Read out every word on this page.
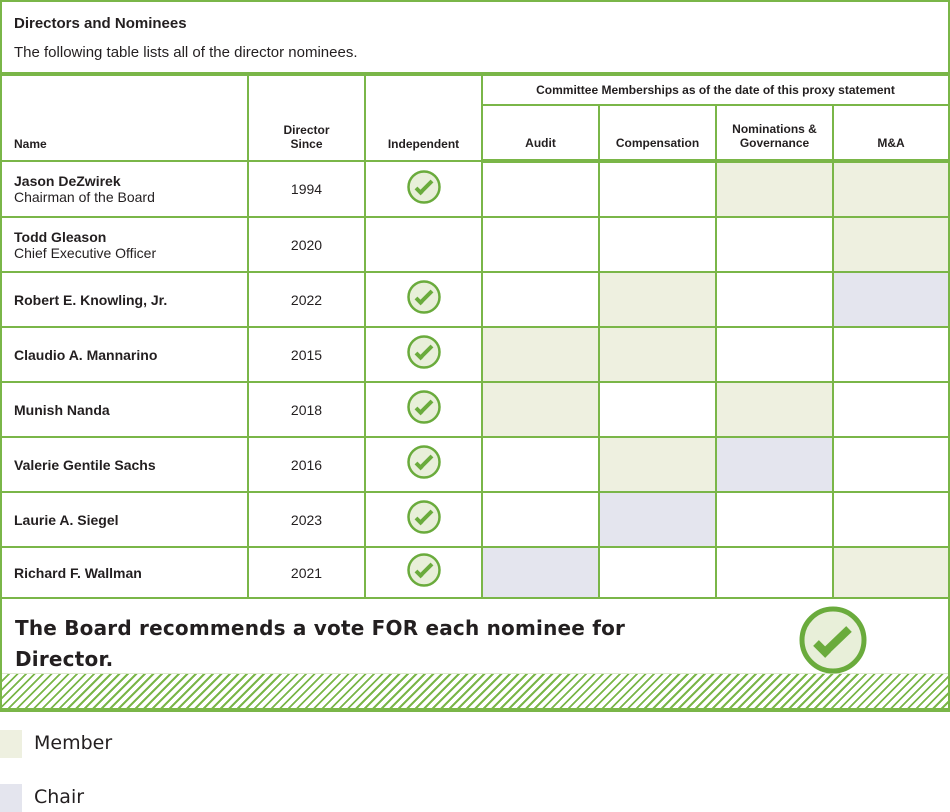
Directors and Nominees
The following table lists all of the director nominees.
Name	Director Since	Independent	Committee Memberships as of the date of this proxy statement			
			Audit	Compensation	Nominations & Governance	M&A

Jason DeZwirek
Chairman of the Board	1994					

Todd Gleason
Chief Executive Officer	2020					

Robert E. Knowling, Jr.	2022					

Claudio A. Mannarino	2015					

Munish Nanda	2018					

Valerie Gentile Sachs	2016					

Laurie A. Siegel	2023					

Richard F. Wallman	2021					
The Board recommends a vote FOR each nominee for Director.
Member
Chair
